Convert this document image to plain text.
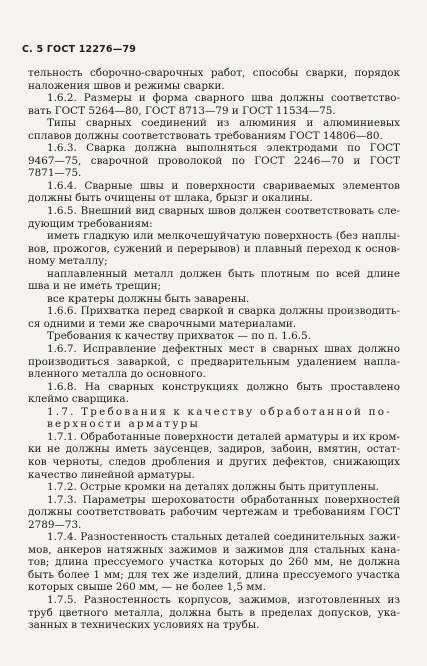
С. 5 ГОСТ 12276—79

тельность сборочно-сварочных работ, способы сварки, порядок

наложения швов и режимы сварки.

1.6.2. Размеры и форма сварного шва должны соответство-

вать ГОСТ 5264—80, ГОСТ 8713—79 и ГОСТ 11534—75.

Типы сварных соединений из алюминия и алюминиевых

сплавов должны соответствовать требованиям ГОСТ 14806—80.

1.6.3. Сварка должна выполняться электродами по ГОСТ

9467—75, сварочной проволокой по ГОСТ 2246—70 и ГОСТ

7871—75.

1.6.4. Сварные швы и поверхности свариваемых элементов

должны быть очищены от шлака, брызг и окалины.

1.6.5. Внешний вид сварных швов должен соответствовать сле-

дующим требованиям:

иметь гладкую или мелкочешуйчатую поверхность (без наплы-

вов, прожогов, сужений и перерывов) и плавный переход к основ-

ному металлу;

наплавленный металл должен быть плотным по всей длине

шва и не иметь трещин;

все кратеры должны быть заварены.

1.6.6. Прихватка перед сваркой и сварка должны производить-

ся одними и теми же сварочными материалами.

Требования к качеству прихваток — по п. 1.6.5.

1.6.7. Исправление дефектных мест в сварных швах должно

производиться заваркой, с предварительным удалением напла-

вленного металла до основного.

1.6.8. На сварных конструкциях должно быть проставлено

клеймо сварщика.

1.7. Требования к качеству обработанной по-

верхности арматуры

1.7.1. Обработанные поверхности деталей арматуры и их кром-

ки не должны иметь заусенцев, задиров, забоин, вмятин, остат-

ков черноты, следов дробления и других дефектов, снижающих

качество линейной арматуры.

1.7.2. Острые кромки на деталях должны быть притуплены.

1.7.3. Параметры шероховатости обработанных поверхностей

должны соответствовать рабочим чертежам и требованиям ГОСТ

2789—73.

1.7.4. Разностенность стальных деталей соединительных зажи-

мов, анкеров натяжных зажимов и зажимов для стальных кана-

тов; длина прессуемого участка которых до 260 мм, не должна

быть более 1 мм; для тех же изделий, длина прессуемого участка

которых свыше 260 мм, — не более 1,5 мм.

1.7.5. Разностенность корпусов, зажимов, изготовленных из

труб цветного металла, должна быть в пределах допусков, ука-

занных в технических условиях на трубы.
